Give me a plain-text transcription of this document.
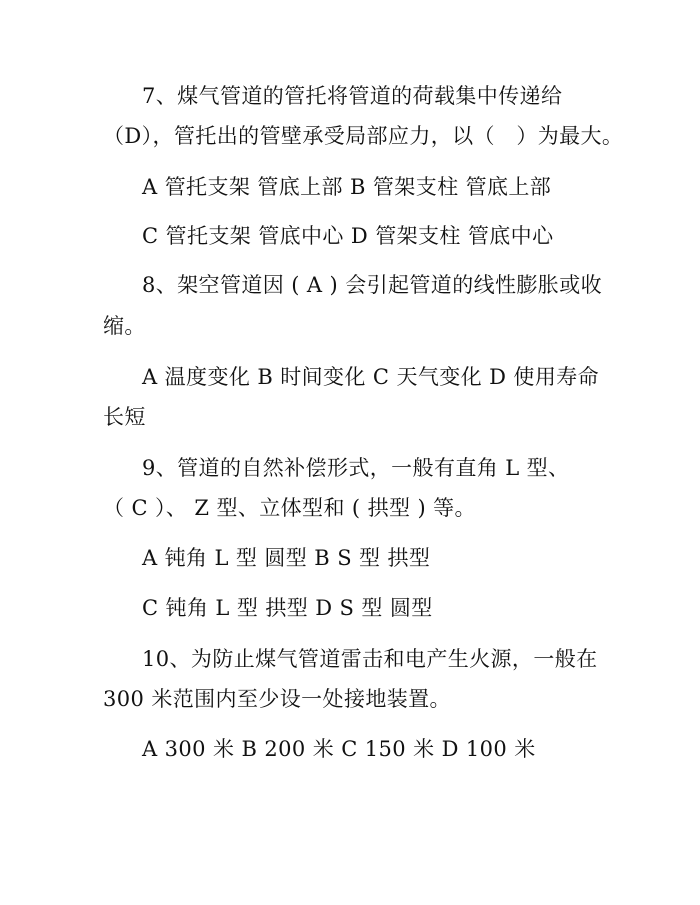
7、煤气管道的管托将管道的荷载集中传递给
（D），管托出的管壁承受局部应力，以（　）为最大。
A 管托支架 管底上部 B 管架支柱 管底上部
C 管托支架 管底中心 D 管架支柱 管底中心
8、架空管道因 ( A ) 会引起管道的线性膨胀或收
缩。
A 温度变化 B 时间变化 C 天气变化 D 使用寿命
长短
9、管道的自然补偿形式，一般有直角 L 型、
（ C ）、 Z 型、立体型和 ( 拱型 ) 等。
A 钝角 L 型 圆型 B S 型 拱型
C 钝角 L 型 拱型 D S 型 圆型
10、为防止煤气管道雷击和电产生火源，一般在
300 米范围内至少设一处接地装置。
A 300 米 B 200 米 C 150 米 D 100 米
